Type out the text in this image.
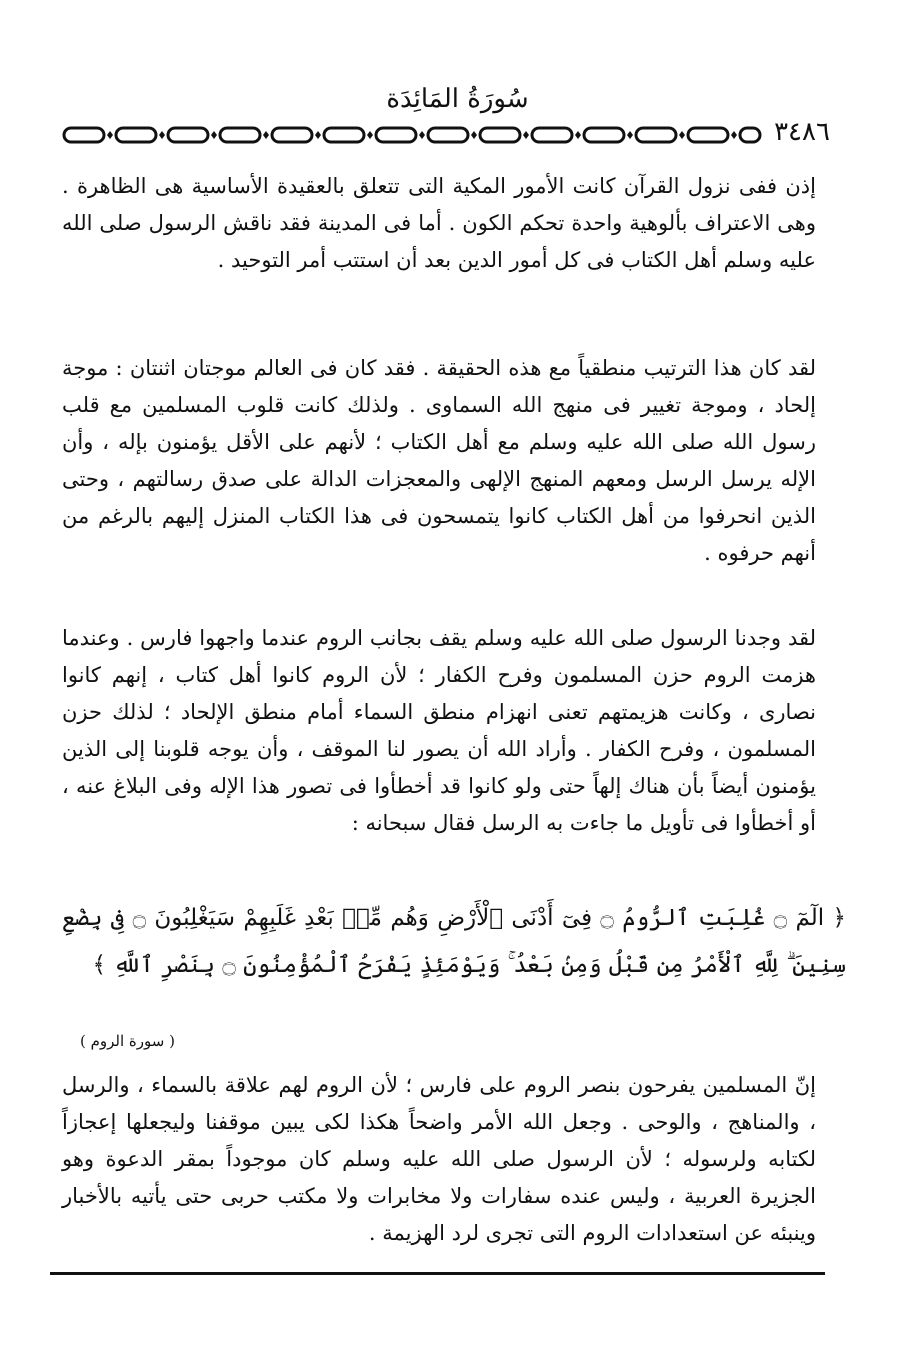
سُورَةُ المَائِدَة
٣٤٨٦
إذن ففى نزول القرآن كانت الأمور المكية التى تتعلق بالعقيدة الأساسية هى الظاهرة . وهى الاعتراف بألوهية واحدة تحكم الكون . أما فى المدينة فقد ناقش الرسول صلى الله عليه وسلم أهل الكتاب فى كل أمور الدين بعد أن استتب أمر التوحيد .
لقد كان هذا الترتيب منطقياً مع هذه الحقيقة . فقد كان فى العالم موجتان اثنتان : موجة إلحاد ، وموجة تغيير فى منهج الله السماوى . ولذلك كانت قلوب المسلمين مع قلب رسول الله صلى الله عليه وسلم مع أهل الكتاب ؛ لأنهم على الأقل يؤمنون بإله ، وأن الإله يرسل الرسل ومعهم المنهج الإلهى والمعجزات الدالة على صدق رسالتهم ، وحتى الذين انحرفوا من أهل الكتاب كانوا يتمسحون فى هذا الكتاب المنزل إليهم بالرغم من أنهم حرفوه .
لقد وجدنا الرسول صلى الله عليه وسلم يقف بجانب الروم عندما واجهوا فارس . وعندما هزمت الروم حزن المسلمون وفرح الكفار ؛ لأن الروم كانوا أهل كتاب ، إنهم كانوا نصارى ، وكانت هزيمتهم تعنى انهزام منطق السماء أمام منطق الإلحاد ؛ لذلك حزن المسلمون ، وفرح الكفار . وأراد الله أن يصور لنا الموقف ، وأن يوجه قلوبنا إلى الذين يؤمنون أيضاً بأن هناك إلهاً حتى ولو كانوا قد أخطأوا فى تصور هذا الإله وفى البلاغ عنه ، أو أخطأوا فى تأويل ما جاءت به الرسل فقال سبحانه :
﴿ الٓمٓ ۝ غُلِبَتِ ٱلرُّومُ ۝ فِىٓ أَدْنَى ٱلْأَرْضِ وَهُم مِّنۢ بَعْدِ غَلَبِهِمْ سَيَغْلِبُونَ ۝ فِى بِضْعِ سِنِينَ ۗ لِلَّهِ ٱلْأَمْرُ مِن قَبْلُ وَمِنۢ بَعْدُ ۚ وَيَوْمَئِذٍ يَفْرَحُ ٱلْمُؤْمِنُونَ ۝ بِنَصْرِ ٱللَّهِ ﴾
( سورة الروم )
إنّ المسلمين يفرحون بنصر الروم على فارس ؛ لأن الروم لهم علاقة بالسماء ، والرسل ، والمناهج ، والوحى . وجعل الله الأمر واضحاً هكذا لكى يبين موقفنا وليجعلها إعجازاً لكتابه ولرسوله ؛ لأن الرسول صلى الله عليه وسلم كان موجوداً بمقر الدعوة وهو الجزيرة العربية ، وليس عنده سفارات ولا مخابرات ولا مكتب حربى حتى يأتيه بالأخبار وينبئه عن استعدادات الروم التى تجرى لرد الهزيمة .
